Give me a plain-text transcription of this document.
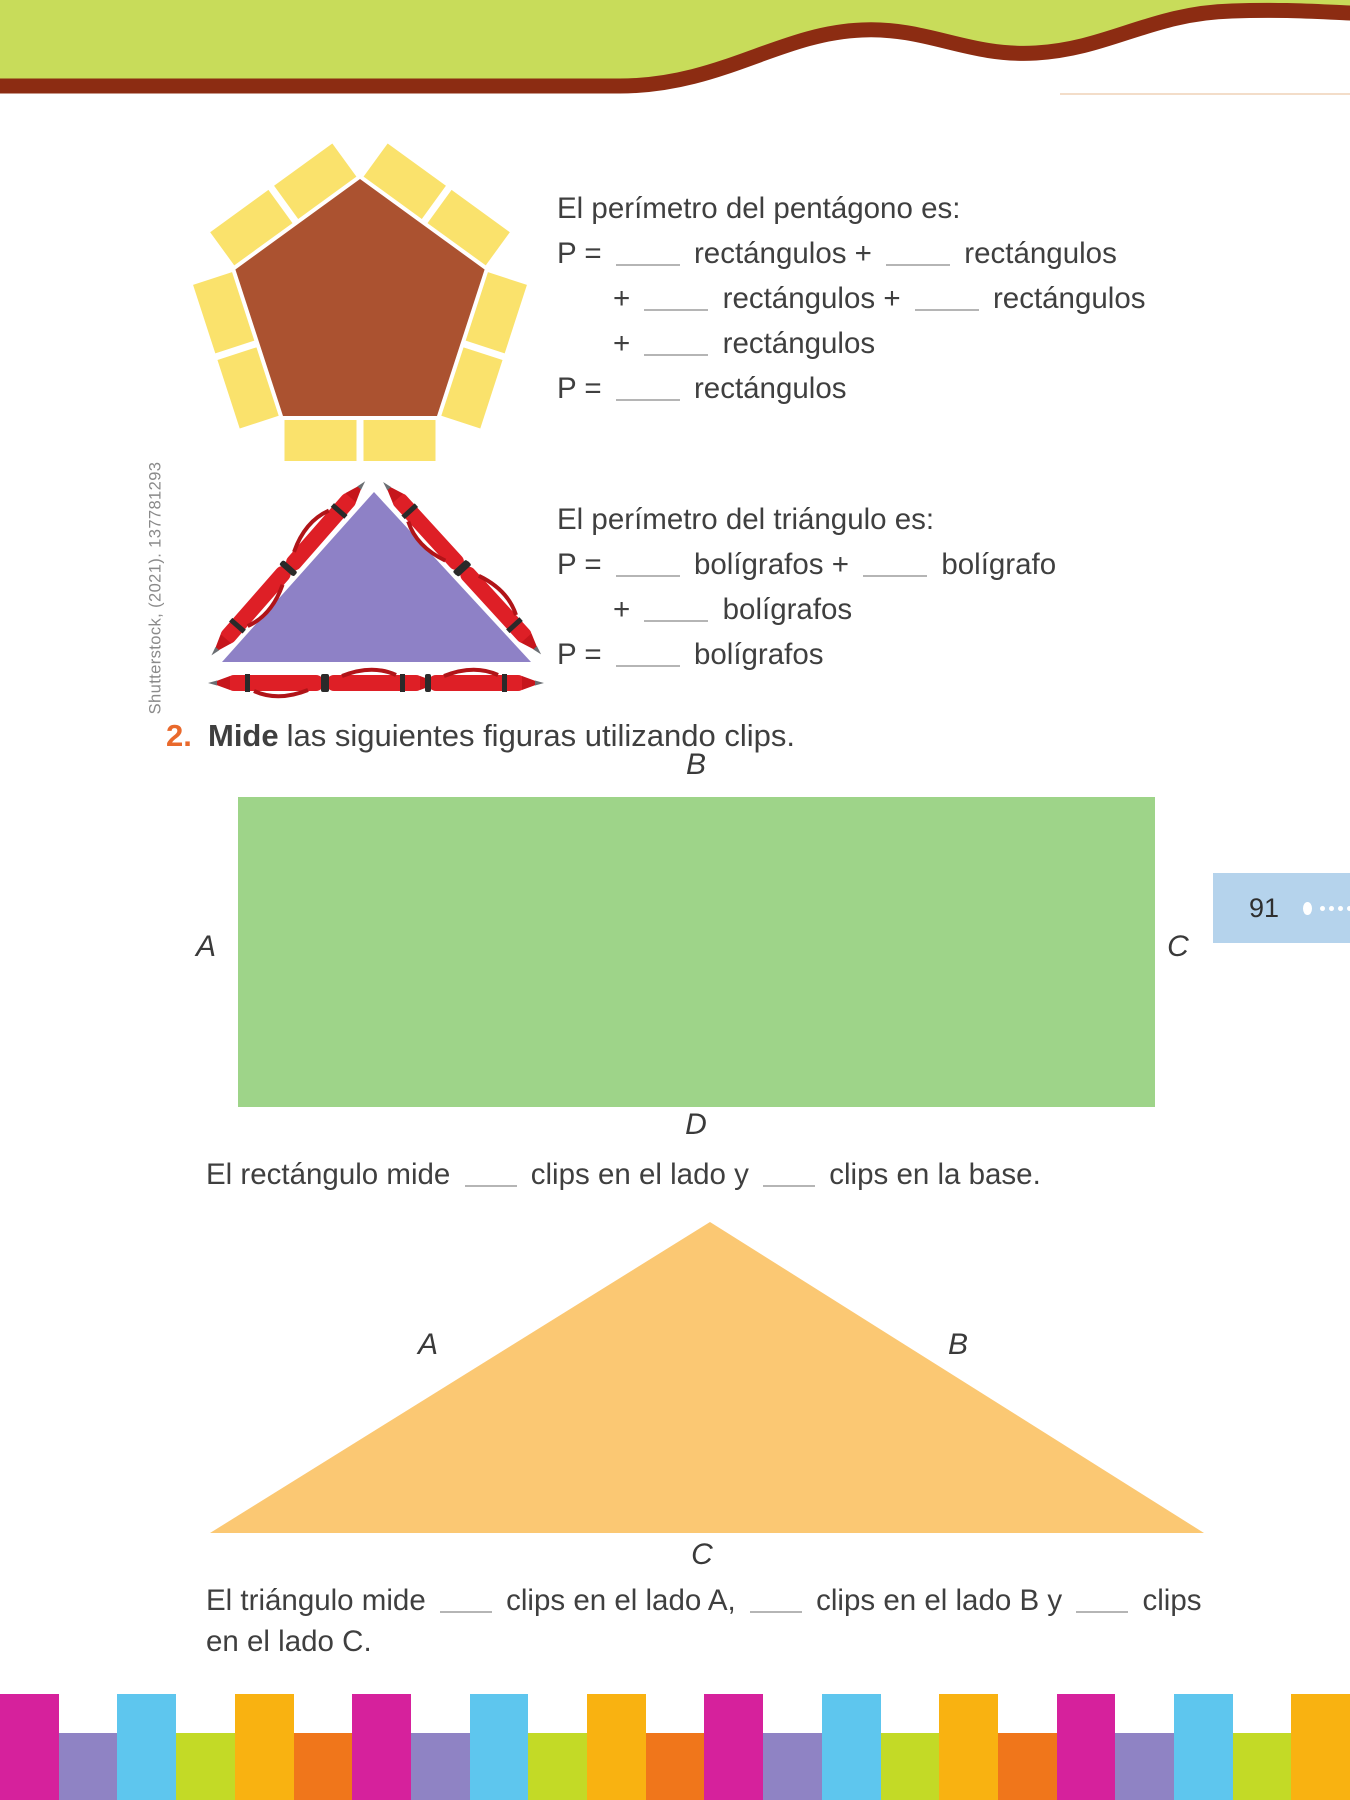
El perímetro del pentágono es:
P =	rectángulos +	rectángulos
+	rectángulos +	rectángulos
+	rectángulos
P =	rectángulos
Shutterstock, (2021). 137781293	El perímetro del triángulo es:
P =	bolígrafos +	bolígrafo
+	bolígrafos
P =	bolígrafos
2. Mide las siguientes figuras utilizando clips.
B
A	C
D
El rectángulo mide  clips en el lado y  clips en la base.
A	B
C
El triángulo mide  clips en el lado A,  clips en el lado B y  clips
en el lado C.
91
